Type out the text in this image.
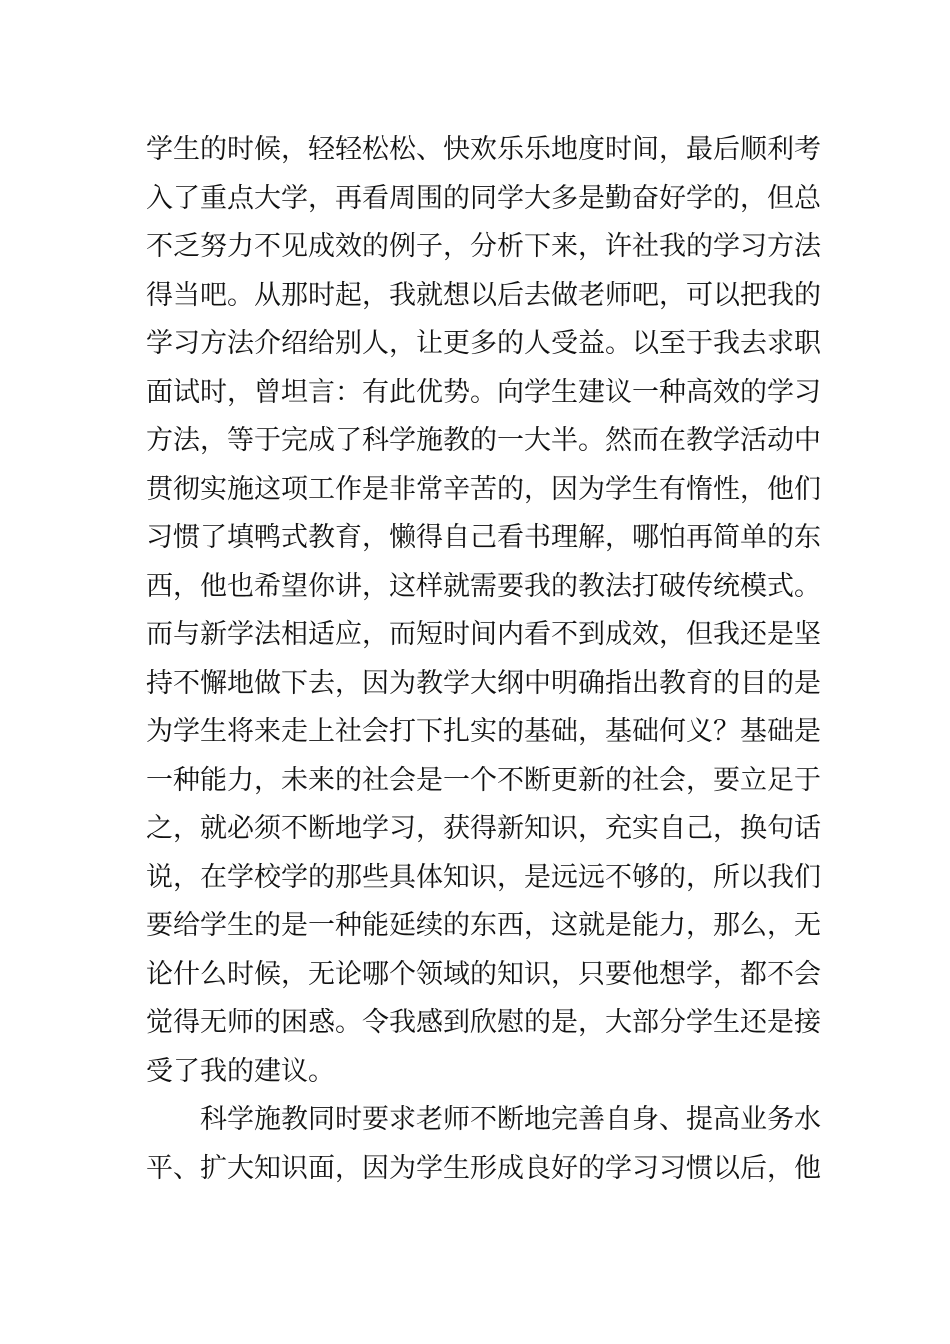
学生的时候，轻轻松松、快欢乐乐地度时间，最后顺利考
入了重点大学，再看周围的同学大多是勤奋好学的，但总
不乏努力不见成效的例子，分析下来，许社我的学习方法
得当吧。从那时起，我就想以后去做老师吧，可以把我的
学习方法介绍给别人，让更多的人受益。以至于我去求职
面试时，曾坦言：有此优势。向学生建议一种高效的学习
方法，等于完成了科学施教的一大半。然而在教学活动中
贯彻实施这项工作是非常辛苦的，因为学生有惰性，他们
习惯了填鸭式教育，懒得自己看书理解，哪怕再简单的东
西，他也希望你讲，这样就需要我的教法打破传统模式。
而与新学法相适应，而短时间内看不到成效，但我还是坚
持不懈地做下去，因为教学大纲中明确指出教育的目的是
为学生将来走上社会打下扎实的基础，基础何义？基础是
一种能力，未来的社会是一个不断更新的社会，要立足于
之，就必须不断地学习，获得新知识，充实自己，换句话
说，在学校学的那些具体知识，是远远不够的，所以我们
要给学生的是一种能延续的东西，这就是能力，那么，无
论什么时候，无论哪个领域的知识，只要他想学，都不会
觉得无师的困惑。令我感到欣慰的是，大部分学生还是接
受了我的建议。
科学施教同时要求老师不断地完善自身、提高业务水
平、扩大知识面，因为学生形成良好的学习习惯以后，他
